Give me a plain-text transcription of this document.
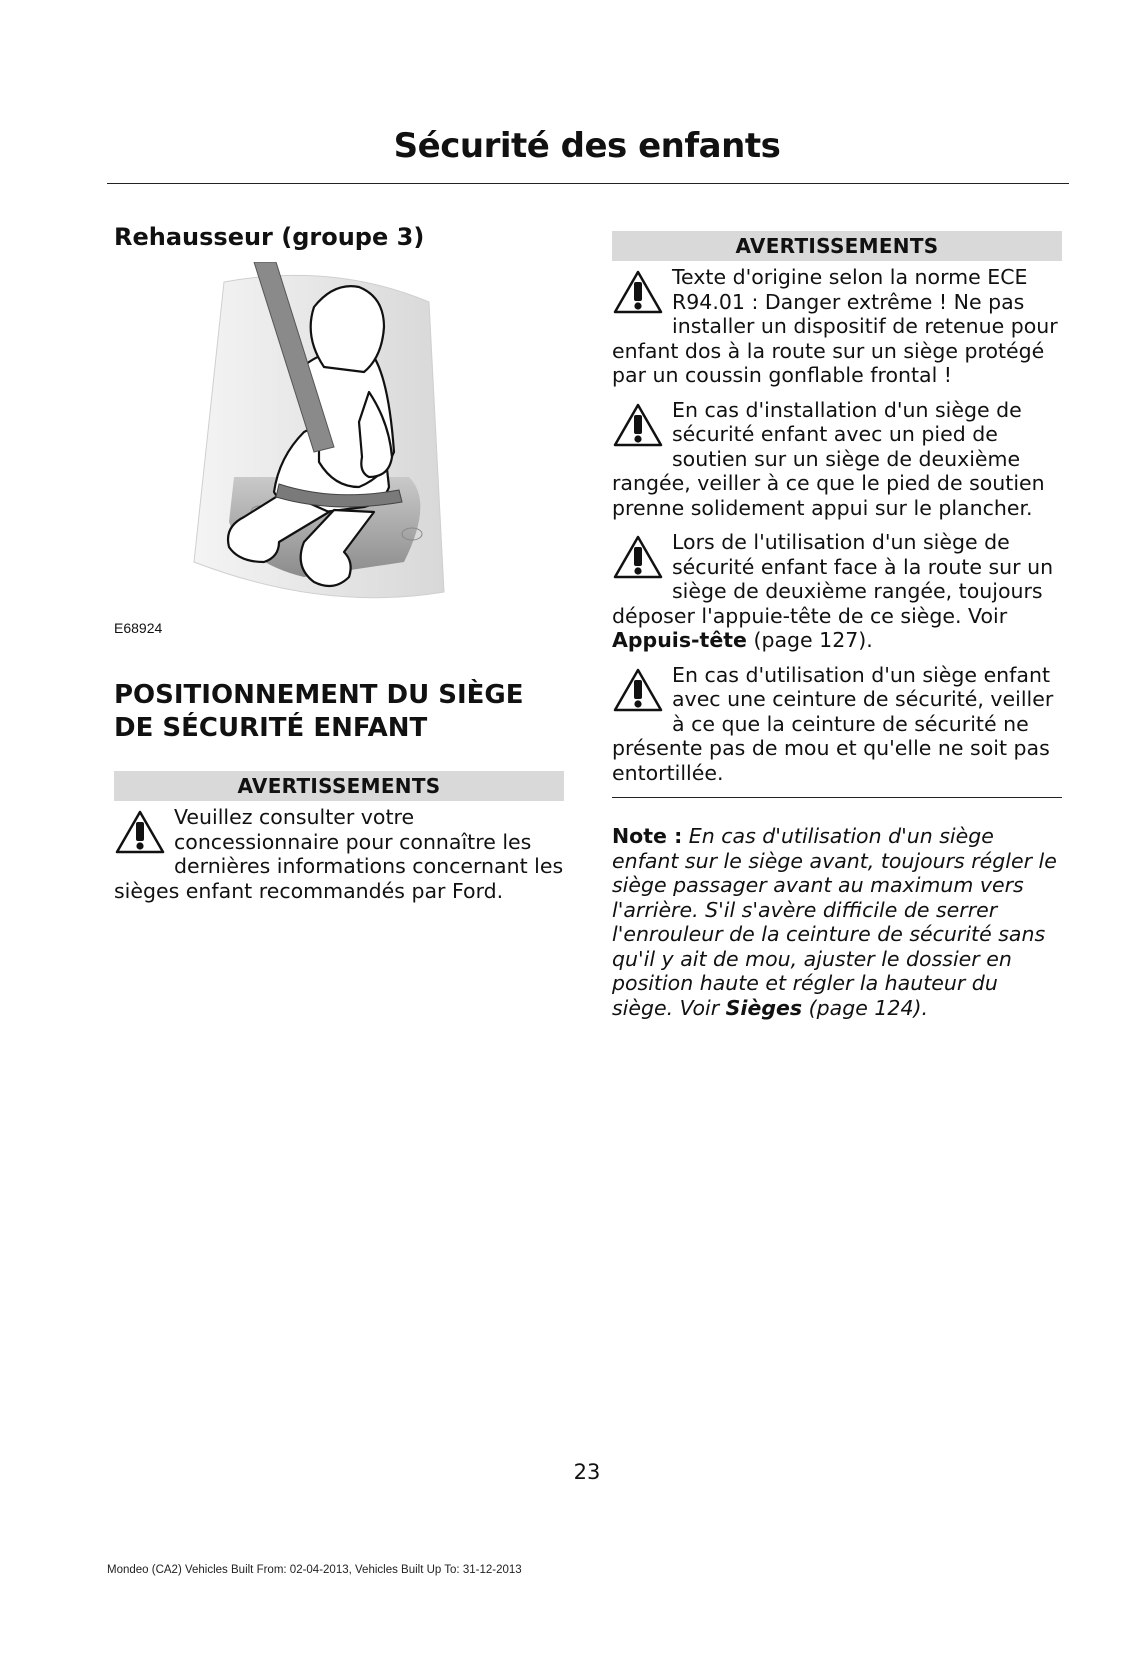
Sécurité des enfants
Rehausseur (groupe 3)
E68924
POSITIONNEMENT DU SIÈGE DE SÉCURITÉ ENFANT
AVERTISSEMENTS
Veuillez consulter votre concessionnaire pour connaître les dernières informations concernant les sièges enfant recommandés par Ford.
AVERTISSEMENTS
Texte d'origine selon la norme ECE R94.01 : Danger extrême ! Ne pas installer un dispositif de retenue pour enfant dos à la route sur un siège protégé par un coussin gonflable frontal !
En cas d'installation d'un siège de sécurité enfant avec un pied de soutien sur un siège de deuxième rangée, veiller à ce que le pied de soutien prenne solidement appui sur le plancher.
Lors de l'utilisation d'un siège de sécurité enfant face à la route sur un siège de deuxième rangée, toujours déposer l'appuie-tête de ce siège. Voir Appuis-tête (page 127).
En cas d'utilisation d'un siège enfant avec une ceinture de sécurité, veiller à ce que la ceinture de sécurité ne présente pas de mou et qu'elle ne soit pas entortillée.
Note : En cas d'utilisation d'un siège enfant sur le siège avant, toujours régler le siège passager avant au maximum vers l'arrière. S'il s'avère difficile de serrer l'enrouleur de la ceinture de sécurité sans qu'il y ait de mou, ajuster le dossier en position haute et régler la hauteur du siège. Voir Sièges (page 124).
23
Mondeo (CA2) Vehicles Built From: 02-04-2013, Vehicles Built Up To: 31-12-2013
